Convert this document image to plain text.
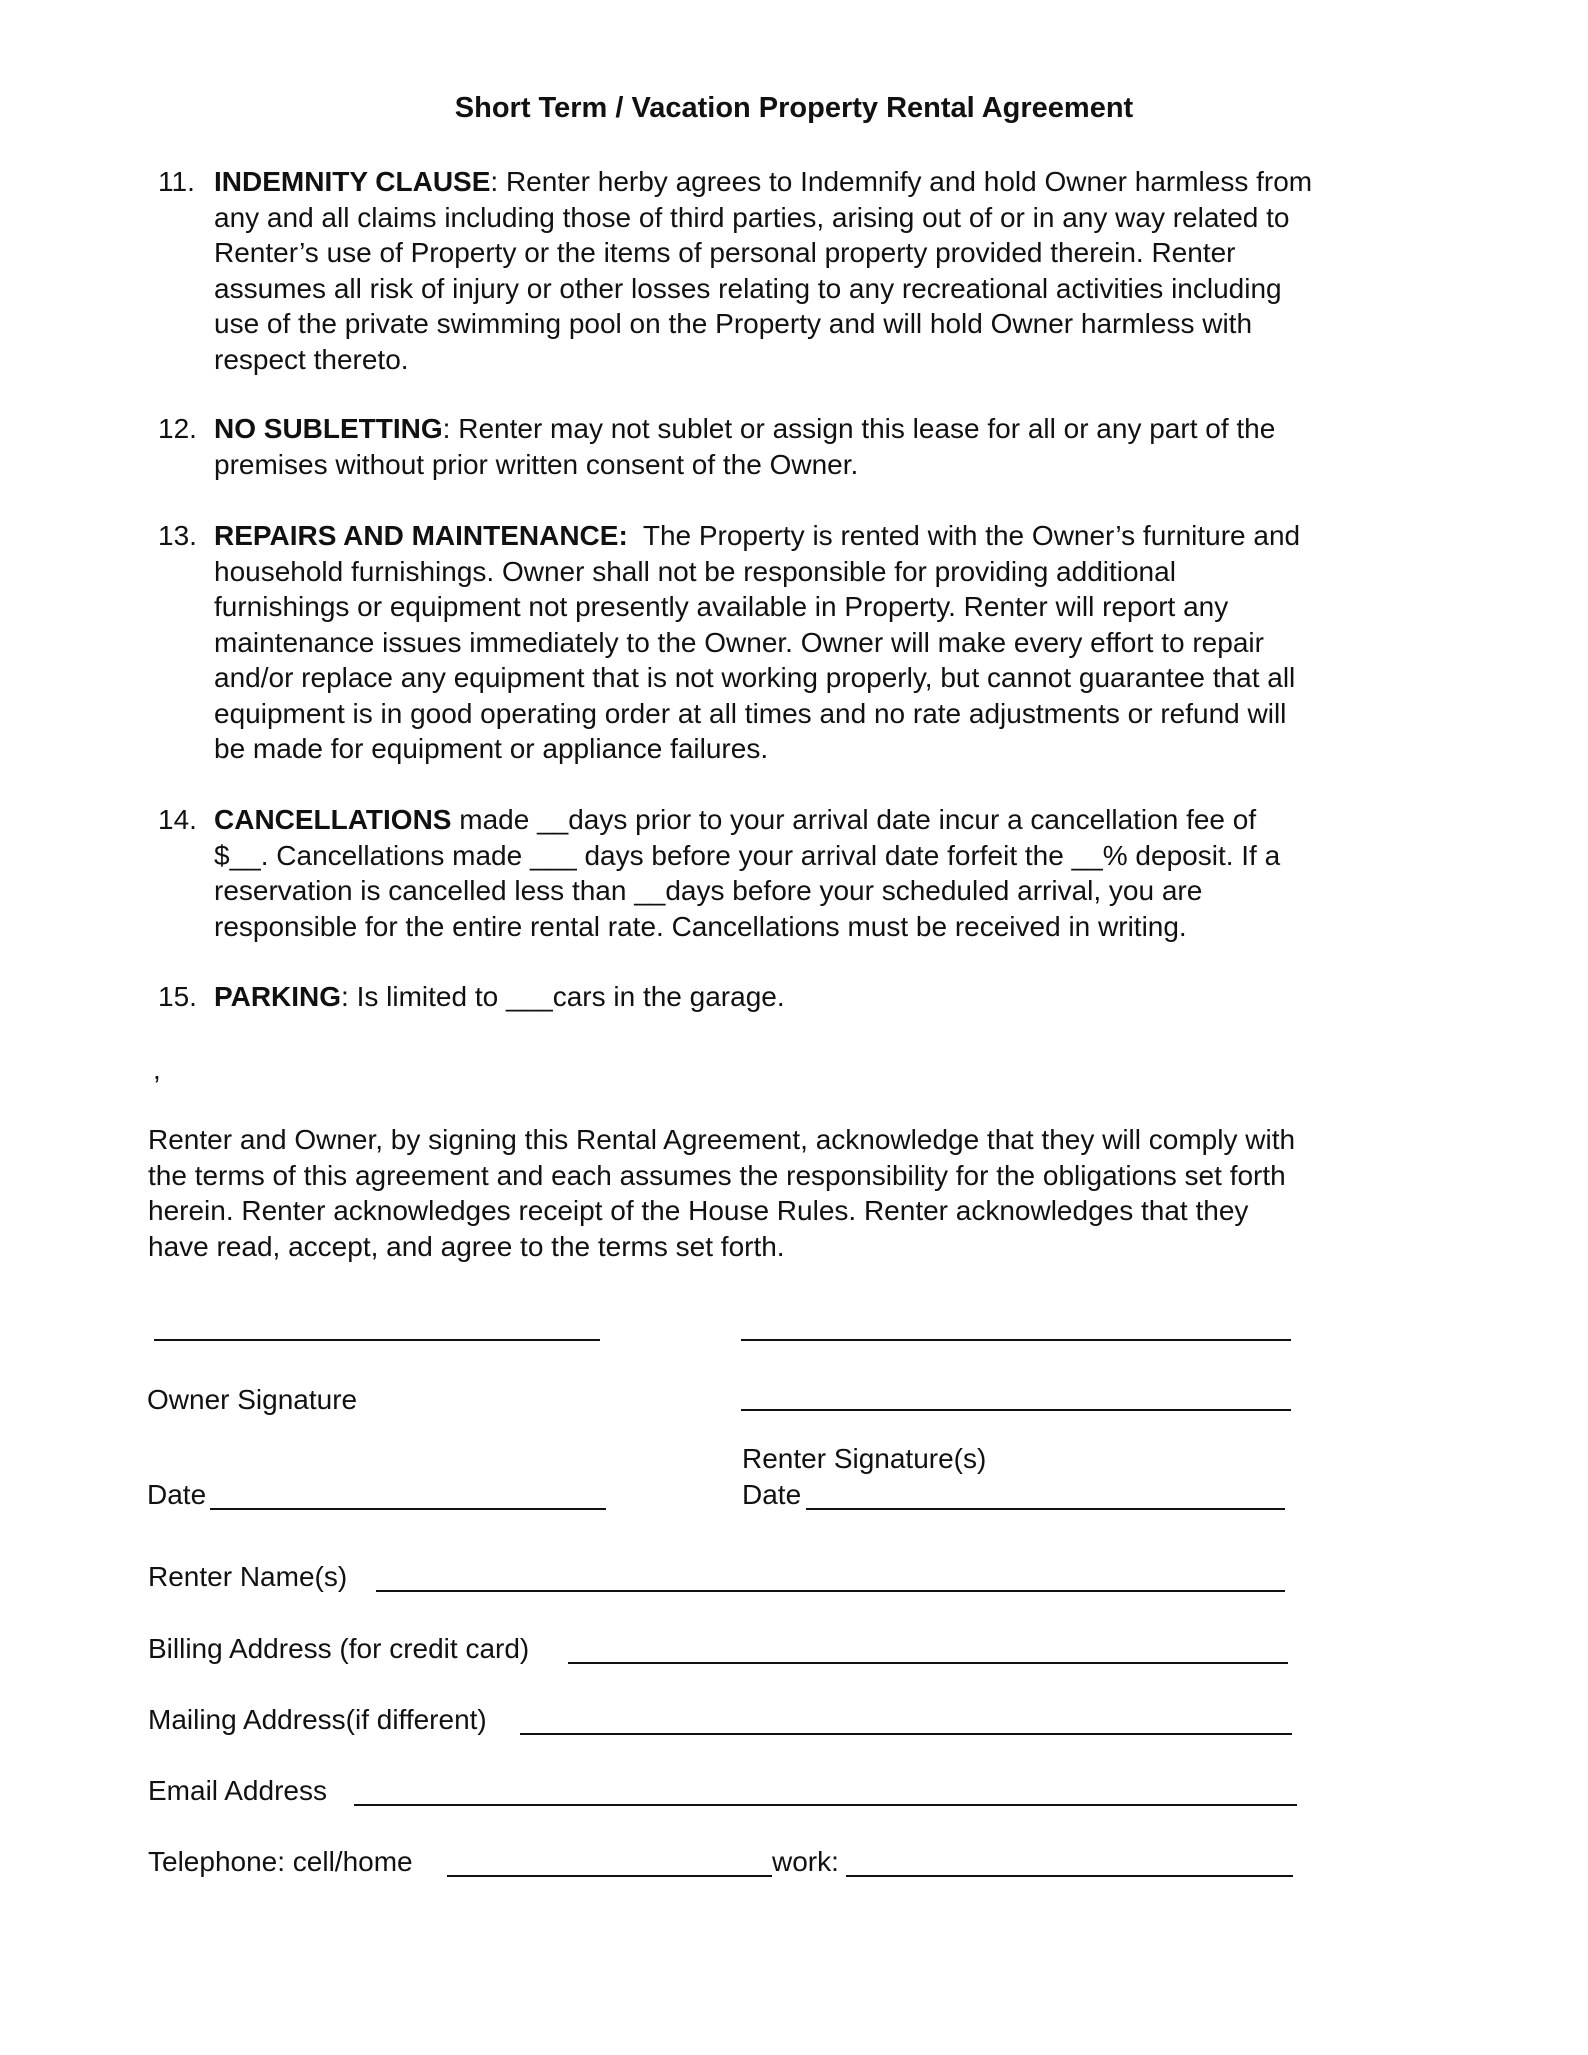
Short Term / Vacation Property Rental Agreement
11. INDEMNITY CLAUSE: Renter herby agrees to Indemnify and hold Owner harmless from
any and all claims including those of third parties, arising out of or in any way related to
Renter’s use of Property or the items of personal property provided therein. Renter
assumes all risk of injury or other losses relating to any recreational activities including
use of the private swimming pool on the Property and will hold Owner harmless with
respect thereto.
12. NO SUBLETTING: Renter may not sublet or assign this lease for all or any part of the
premises without prior written consent of the Owner.
13. REPAIRS AND MAINTENANCE:  The Property is rented with the Owner’s furniture and
household furnishings. Owner shall not be responsible for providing additional
furnishings or equipment not presently available in Property. Renter will report any
maintenance issues immediately to the Owner. Owner will make every effort to repair
and/or replace any equipment that is not working properly, but cannot guarantee that all
equipment is in good operating order at all times and no rate adjustments or refund will
be made for equipment or appliance failures.
14. CANCELLATIONS made __days prior to your arrival date incur a cancellation fee of
$__. Cancellations made ___ days before your arrival date forfeit the __% deposit. If a
reservation is cancelled less than __days before your scheduled arrival, you are
responsible for the entire rental rate. Cancellations must be received in writing.
15. PARKING: Is limited to ___cars in the garage.
,
Renter and Owner, by signing this Rental Agreement, acknowledge that they will comply with
the terms of this agreement and each assumes the responsibility for the obligations set forth
herein. Renter acknowledges receipt of the House Rules. Renter acknowledges that they
have read, accept, and agree to the terms set forth.
Owner Signature
Renter Signature(s)
Date	Date
Renter Name(s)
Billing Address (for credit card)
Mailing Address(if different)
Email Address
Telephone: cell/home	work:
